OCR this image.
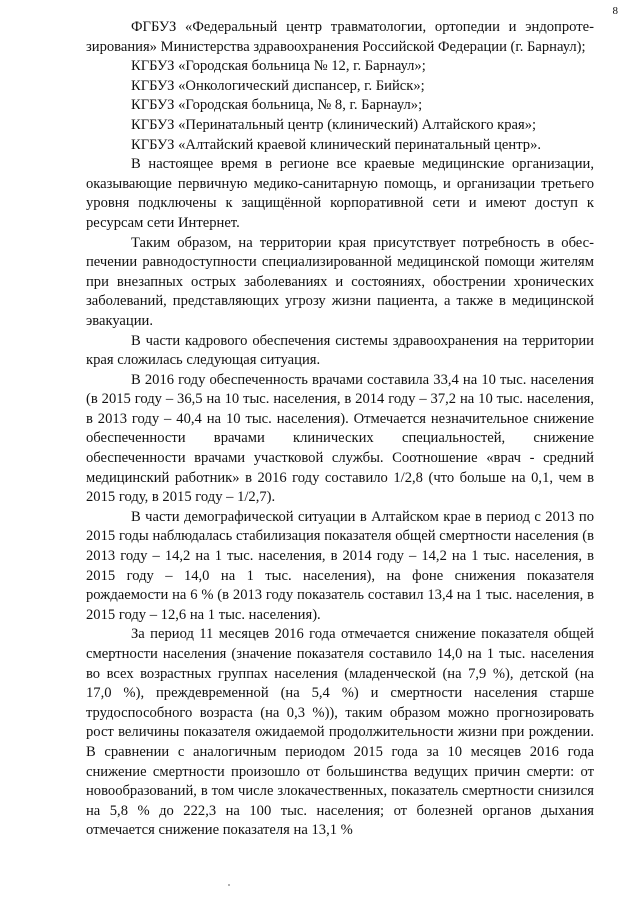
8

ФГБУЗ «Федеральный центр травматологии, ортопедии и эндопротезирования» Министерства здравоохранения Российской Федерации (г. Барнаул);

КГБУЗ «Городская больница № 12, г. Барнаул»;

КГБУЗ «Онкологический диспансер, г. Бийск»;

КГБУЗ «Городская больница, № 8, г. Барнаул»;

КГБУЗ «Перинатальный центр (клинический) Алтайского края»;

КГБУЗ «Алтайский краевой клинический перинатальный центр».

В настоящее время в регионе все краевые медицинские организации, оказывающие первичную медико-санитарную помощь, и организации третьего уровня подключены к защищённой корпоративной сети и имеют доступ к ресурсам сети Интернет.

Таким образом, на территории края присутствует потребность в обеспечении равнодоступности специализированной медицинской помощи жителям при внезапных острых заболеваниях и состояниях, обострении хронических заболеваний, представляющих угрозу жизни пациента, а также в медицинской эвакуации.

В части кадрового обеспечения системы здравоохранения на территории края сложилась следующая ситуация.

В 2016 году обеспеченность врачами составила 33,4 на 10 тыс. населения (в 2015 году – 36,5 на 10 тыс. населения, в 2014 году – 37,2 на 10 тыс. населения, в 2013 году – 40,4 на 10 тыс. населения). Отмечается незначительное снижение обеспеченности врачами клинических специальностей, снижение обеспеченности врачами участковой службы. Соотношение «врач - средний медицинский работник» в 2016 году составило 1/2,8 (что больше на 0,1, чем в 2015 году, в 2015 году – 1/2,7).

В части демографической ситуации в Алтайском крае в период с 2013 по 2015 годы наблюдалась стабилизация показателя общей смертности населения (в 2013 году – 14,2 на 1 тыс. населения, в 2014 году – 14,2 на 1 тыс. населения, в 2015 году – 14,0 на 1 тыс. населения), на фоне снижения показателя рождаемости на 6 % (в 2013 году показатель составил 13,4 на 1 тыс. населения, в 2015 году – 12,6 на 1 тыс. населения).

За период 11 месяцев 2016 года отмечается снижение показателя общей смертности населения (значение показателя составило 14,0 на 1 тыс. населения во всех возрастных группах населения (младенческой (на 7,9 %), детской (на 17,0 %), преждевременной (на 5,4 %) и смертности населения старше трудоспособного возраста (на 0,3 %)), таким образом можно прогнозировать рост величины показателя ожидаемой продолжительности жизни при рождении. В сравнении с аналогичным периодом 2015 года за 10 месяцев 2016 года снижение смертности произошло от большинства ведущих причин смерти: от новообразований, в том числе злокачественных, показатель смертности снизился на 5,8 % до 222,3 на 100 тыс. населения; от болезней органов дыхания отмечается снижение показателя на 13,1 %
